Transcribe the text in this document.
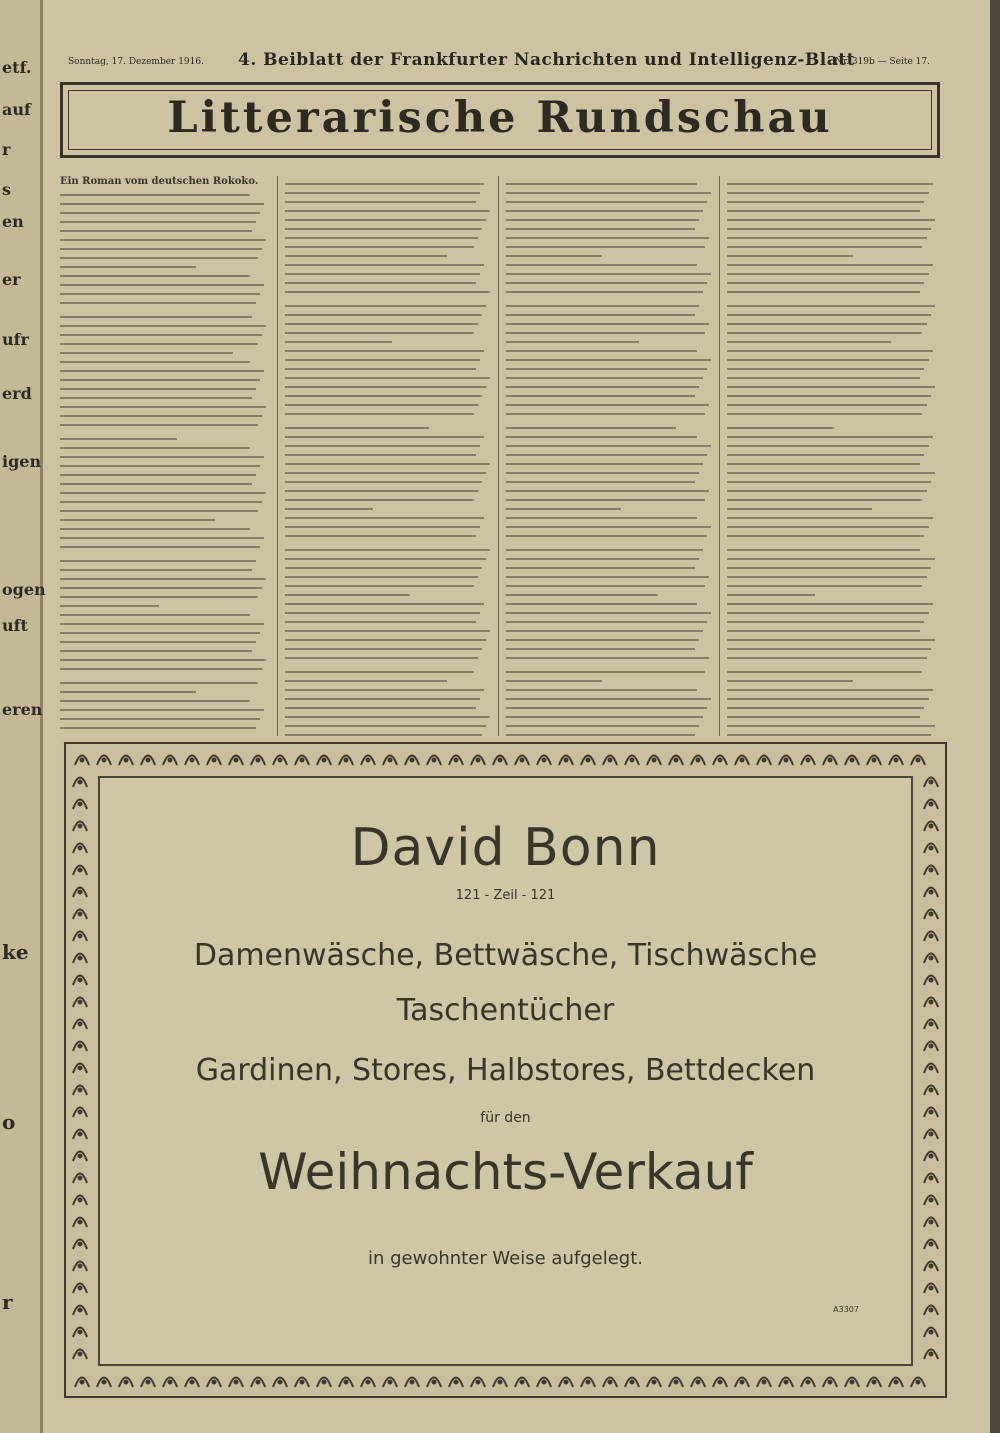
etf.
auf
r
s
en
er
ufr
erd
igen
ogen
uft
eren
ke
o
r
Sonntag, 17. Dezember 1916. 4. Beiblatt der Frankfurter Nachrichten und Intelligenz-Blatt
Nr. 319b — Seite 17.
Litterarische Rundschau
Ein Roman vom deutschen Rokoko.
David Bonn
121 - Zeil - 121
Damenwäsche, Bettwäsche, Tischwäsche
Taschentücher
Gardinen, Stores, Halbstores, Bettdecken
für den
Weihnachts-Verkauf
in gewohnter Weise aufgelegt.
A3307
